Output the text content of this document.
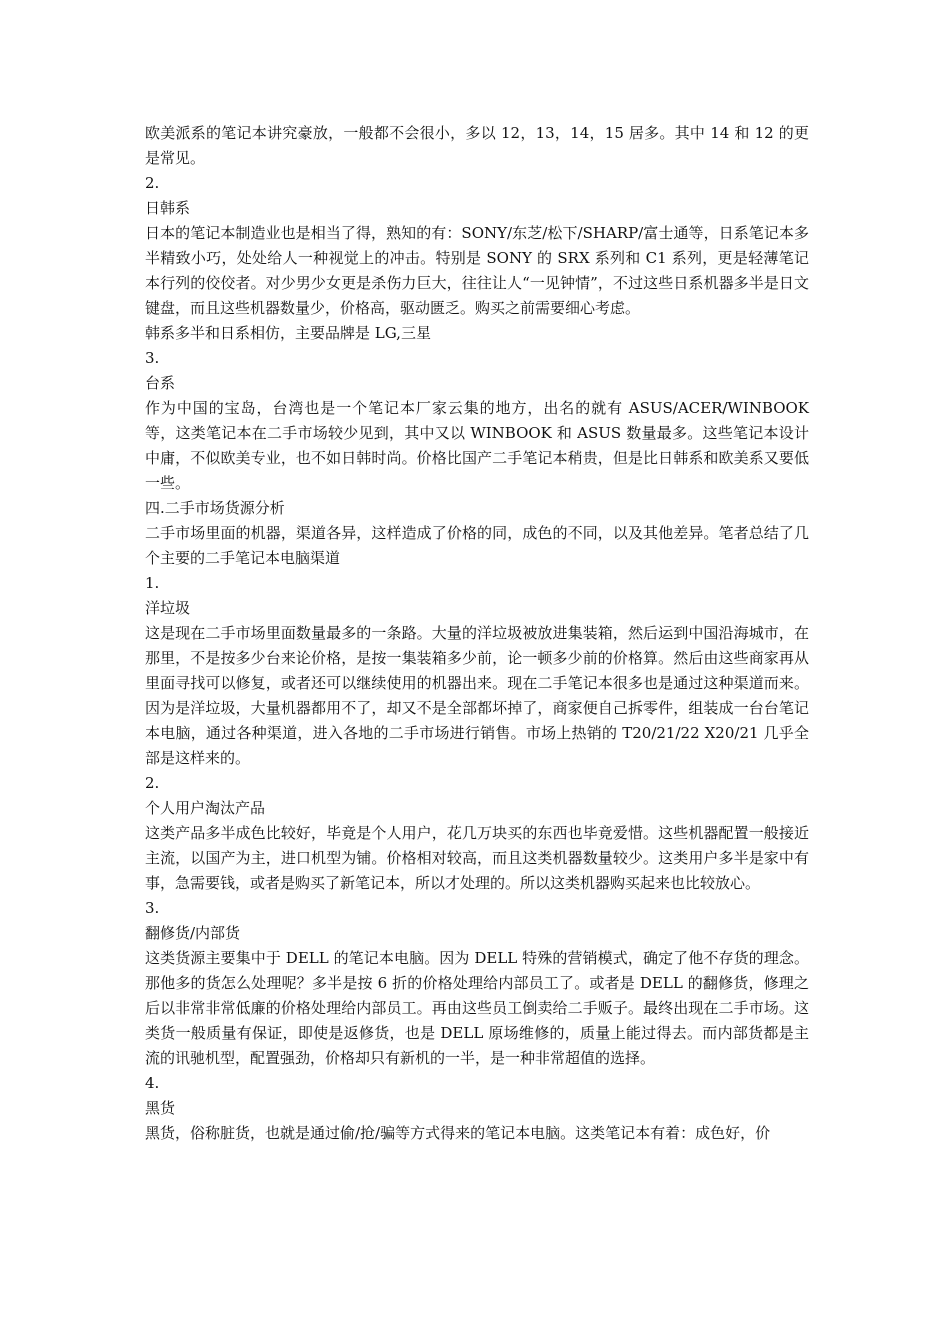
欧美派系的笔记本讲究豪放，一般都不会很小，多以 12，13，14，15 居多。其中 14 和 12 的更是常见。

2.

日韩系

日本的笔记本制造业也是相当了得，熟知的有：SONY/东芝/松下/SHARP/富士通等，日系笔记本多半精致小巧，处处给人一种视觉上的冲击。特别是 SONY 的 SRX 系列和 C1 系列，更是轻薄笔记本行列的佼佼者。对少男少女更是杀伤力巨大，往往让人“一见钟情”，不过这些日系机器多半是日文键盘，而且这些机器数量少，价格高，驱动匮乏。购买之前需要细心考虑。

韩系多半和日系相仿，主要品牌是 LG,三星

3.

台系

作为中国的宝岛，台湾也是一个笔记本厂家云集的地方，出名的就有 ASUS/ACER/WINBOOK 等，这类笔记本在二手市场较少见到，其中又以 WINBOOK 和 ASUS 数量最多。这些笔记本设计中庸，不似欧美专业，也不如日韩时尚。价格比国产二手笔记本稍贵，但是比日韩系和欧美系又要低一些。

四.二手市场货源分析

二手市场里面的机器，渠道各异，这样造成了价格的同，成色的不同，以及其他差异。笔者总结了几个主要的二手笔记本电脑渠道

1.

洋垃圾

这是现在二手市场里面数量最多的一条路。大量的洋垃圾被放进集装箱，然后运到中国沿海城市，在那里，不是按多少台来论价格，是按一集装箱多少前，论一顿多少前的价格算。然后由这些商家再从里面寻找可以修复，或者还可以继续使用的机器出来。现在二手笔记本很多也是通过这种渠道而来。因为是洋垃圾，大量机器都用不了，却又不是全部都坏掉了，商家便自己拆零件，组装成一台台笔记本电脑，通过各种渠道，进入各地的二手市场进行销售。市场上热销的 T20/21/22 X20/21 几乎全部是这样来的。

2.

个人用户淘汰产品

这类产品多半成色比较好，毕竟是个人用户，花几万块买的东西也毕竟爱惜。这些机器配置一般接近主流，以国产为主，进口机型为铺。价格相对较高，而且这类机器数量较少。这类用户多半是家中有事，急需要钱，或者是购买了新笔记本，所以才处理的。所以这类机器购买起来也比较放心。

3.

翻修货/内部货

这类货源主要集中于 DELL 的笔记本电脑。因为 DELL 特殊的营销模式，确定了他不存货的理念。那他多的货怎么处理呢？多半是按 6 折的价格处理给内部员工了。或者是 DELL 的翻修货，修理之后以非常非常低廉的价格处理给内部员工。再由这些员工倒卖给二手贩子。最终出现在二手市场。这类货一般质量有保证，即使是返修货，也是 DELL 原场维修的，质量上能过得去。而内部货都是主流的讯驰机型，配置强劲，价格却只有新机的一半，是一种非常超值的选择。

4.

黑货

黑货，俗称脏货，也就是通过偷/抢/骗等方式得来的笔记本电脑。这类笔记本有着：成色好，价
